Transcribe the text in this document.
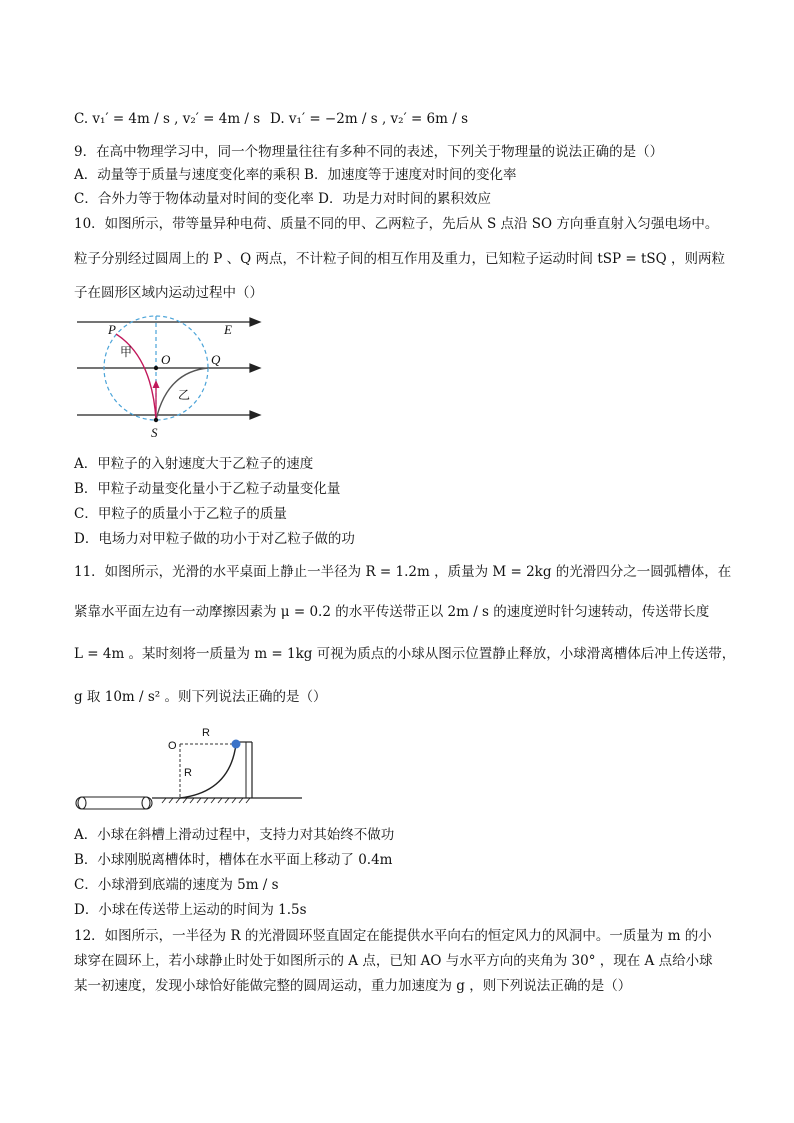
C. v₁′ = 4m / s , v₂′ = 4m / s D. v₁′ = −2m / s , v₂′ = 6m / s
9．在高中物理学习中，同一个物理量往往有多种不同的表述，下列关于物理量的说法正确的是（）
A．动量等于质量与速度变化率的乘积 B．加速度等于速度对时间的变化率
C．合外力等于物体动量对时间的变化率 D．功是力对时间的累积效应
10．如图所示，带等量异种电荷、质量不同的甲、乙两粒子，先后从 S 点沿 SO 方向垂直射入匀强电场中。
粒子分别经过圆周上的 P 、Q 两点，不计粒子间的相互作用及重力，已知粒子运动时间 tSP = tSQ ，则两粒
子在圆形区域内运动过程中（）
P	E
O	Q
甲
乙
S
A．甲粒子的入射速度大于乙粒子的速度
B．甲粒子动量变化量小于乙粒子动量变化量
C．甲粒子的质量小于乙粒子的质量
D．电场力对甲粒子做的功小于对乙粒子做的功
11．如图所示，光滑的水平桌面上静止一半径为 R = 1.2m ，质量为 M = 2kg 的光滑四分之一圆弧槽体，在
紧靠水平面左边有一动摩擦因素为 μ = 0.2 的水平传送带正以 2m / s 的速度逆时针匀速转动，传送带长度
L = 4m 。某时刻将一质量为 m = 1kg 可视为质点的小球从图示位置静止释放，小球滑离槽体后冲上传送带，
g 取 10m / s² 。则下列说法正确的是（）
O
R
R
A．小球在斜槽上滑动过程中，支持力对其始终不做功
B．小球刚脱离槽体时，槽体在水平面上移动了 0.4m
C．小球滑到底端的速度为 5m / s
D．小球在传送带上运动的时间为 1.5s
12．如图所示，一半径为 R 的光滑圆环竖直固定在能提供水平向右的恒定风力的风洞中。一质量为 m 的小
球穿在圆环上，若小球静止时处于如图所示的 A 点，已知 AO 与水平方向的夹角为 30° ，现在 A 点给小球
某一初速度，发现小球恰好能做完整的圆周运动，重力加速度为 g ，则下列说法正确的是（）
